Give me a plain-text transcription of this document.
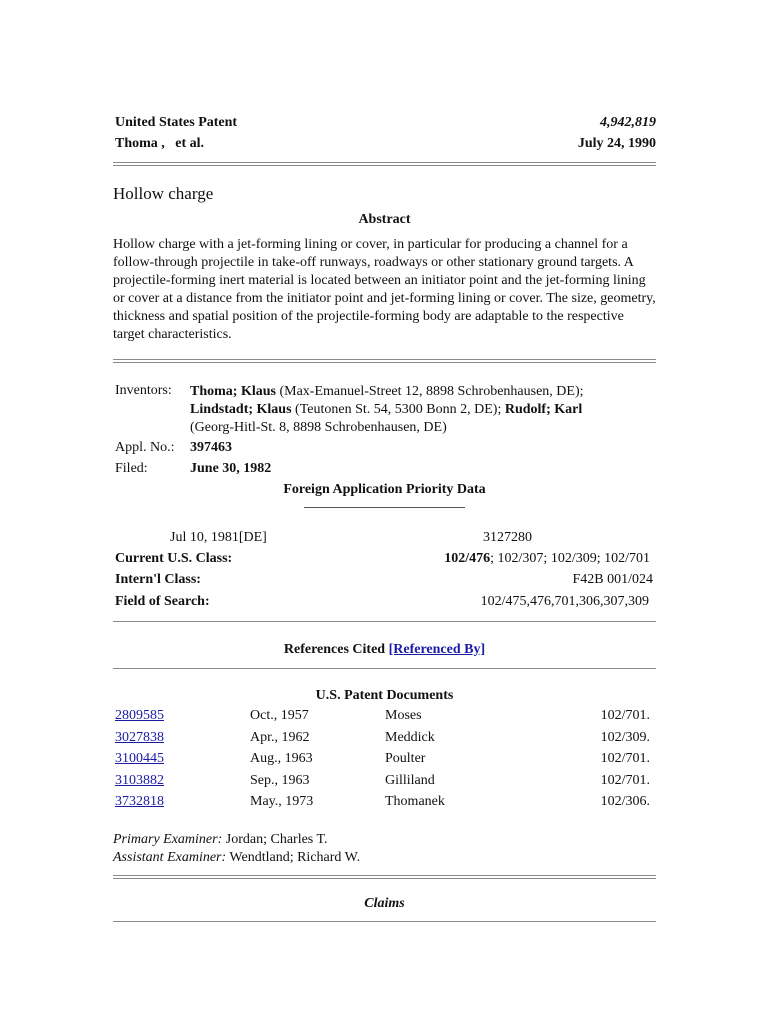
United States Patent	4,942,819
Thoma ,   et al.	July 24, 1990
Hollow charge
Abstract
Hollow charge with a jet-forming lining or cover, in particular for producing a channel for a follow-through projectile in take-off runways, roadways or other stationary ground targets. A projectile-forming inert material is located between an initiator point and the jet-forming lining or cover at a distance from the initiator point and jet-forming lining or cover. The size, geometry, thickness and spatial position of the projectile-forming body are adaptable to the respective target characteristics.
Inventors: Thoma; Klaus (Max-Emanuel-Street 12, 8898 Schrobenhausen, DE);
Lindstadt; Klaus (Teutonen St. 54, 5300 Bonn 2, DE); Rudolf; Karl
(Georg-Hitl-St. 8, 8898 Schrobenhausen, DE)
Appl. No.: 397463
Filed:	June 30, 1982
Foreign Application Priority Data
Jul 10, 1981[DE]	3127280
Current U.S. Class:	102/476; 102/307; 102/309; 102/701
Intern'l Class:	F42B 001/024
Field of Search:	102/475,476,701,306,307,309
References Cited [Referenced By]
U.S. Patent Documents
2809585	Oct., 1957	Moses	102/701.
3027838	Apr., 1962	Meddick	102/309.
3100445	Aug., 1963	Poulter	102/701.
3103882	Sep., 1963	Gilliland	102/701.
3732818	May., 1973	Thomanek	102/306.
Primary Examiner: Jordan; Charles T.
Assistant Examiner: Wendtland; Richard W.
Claims
